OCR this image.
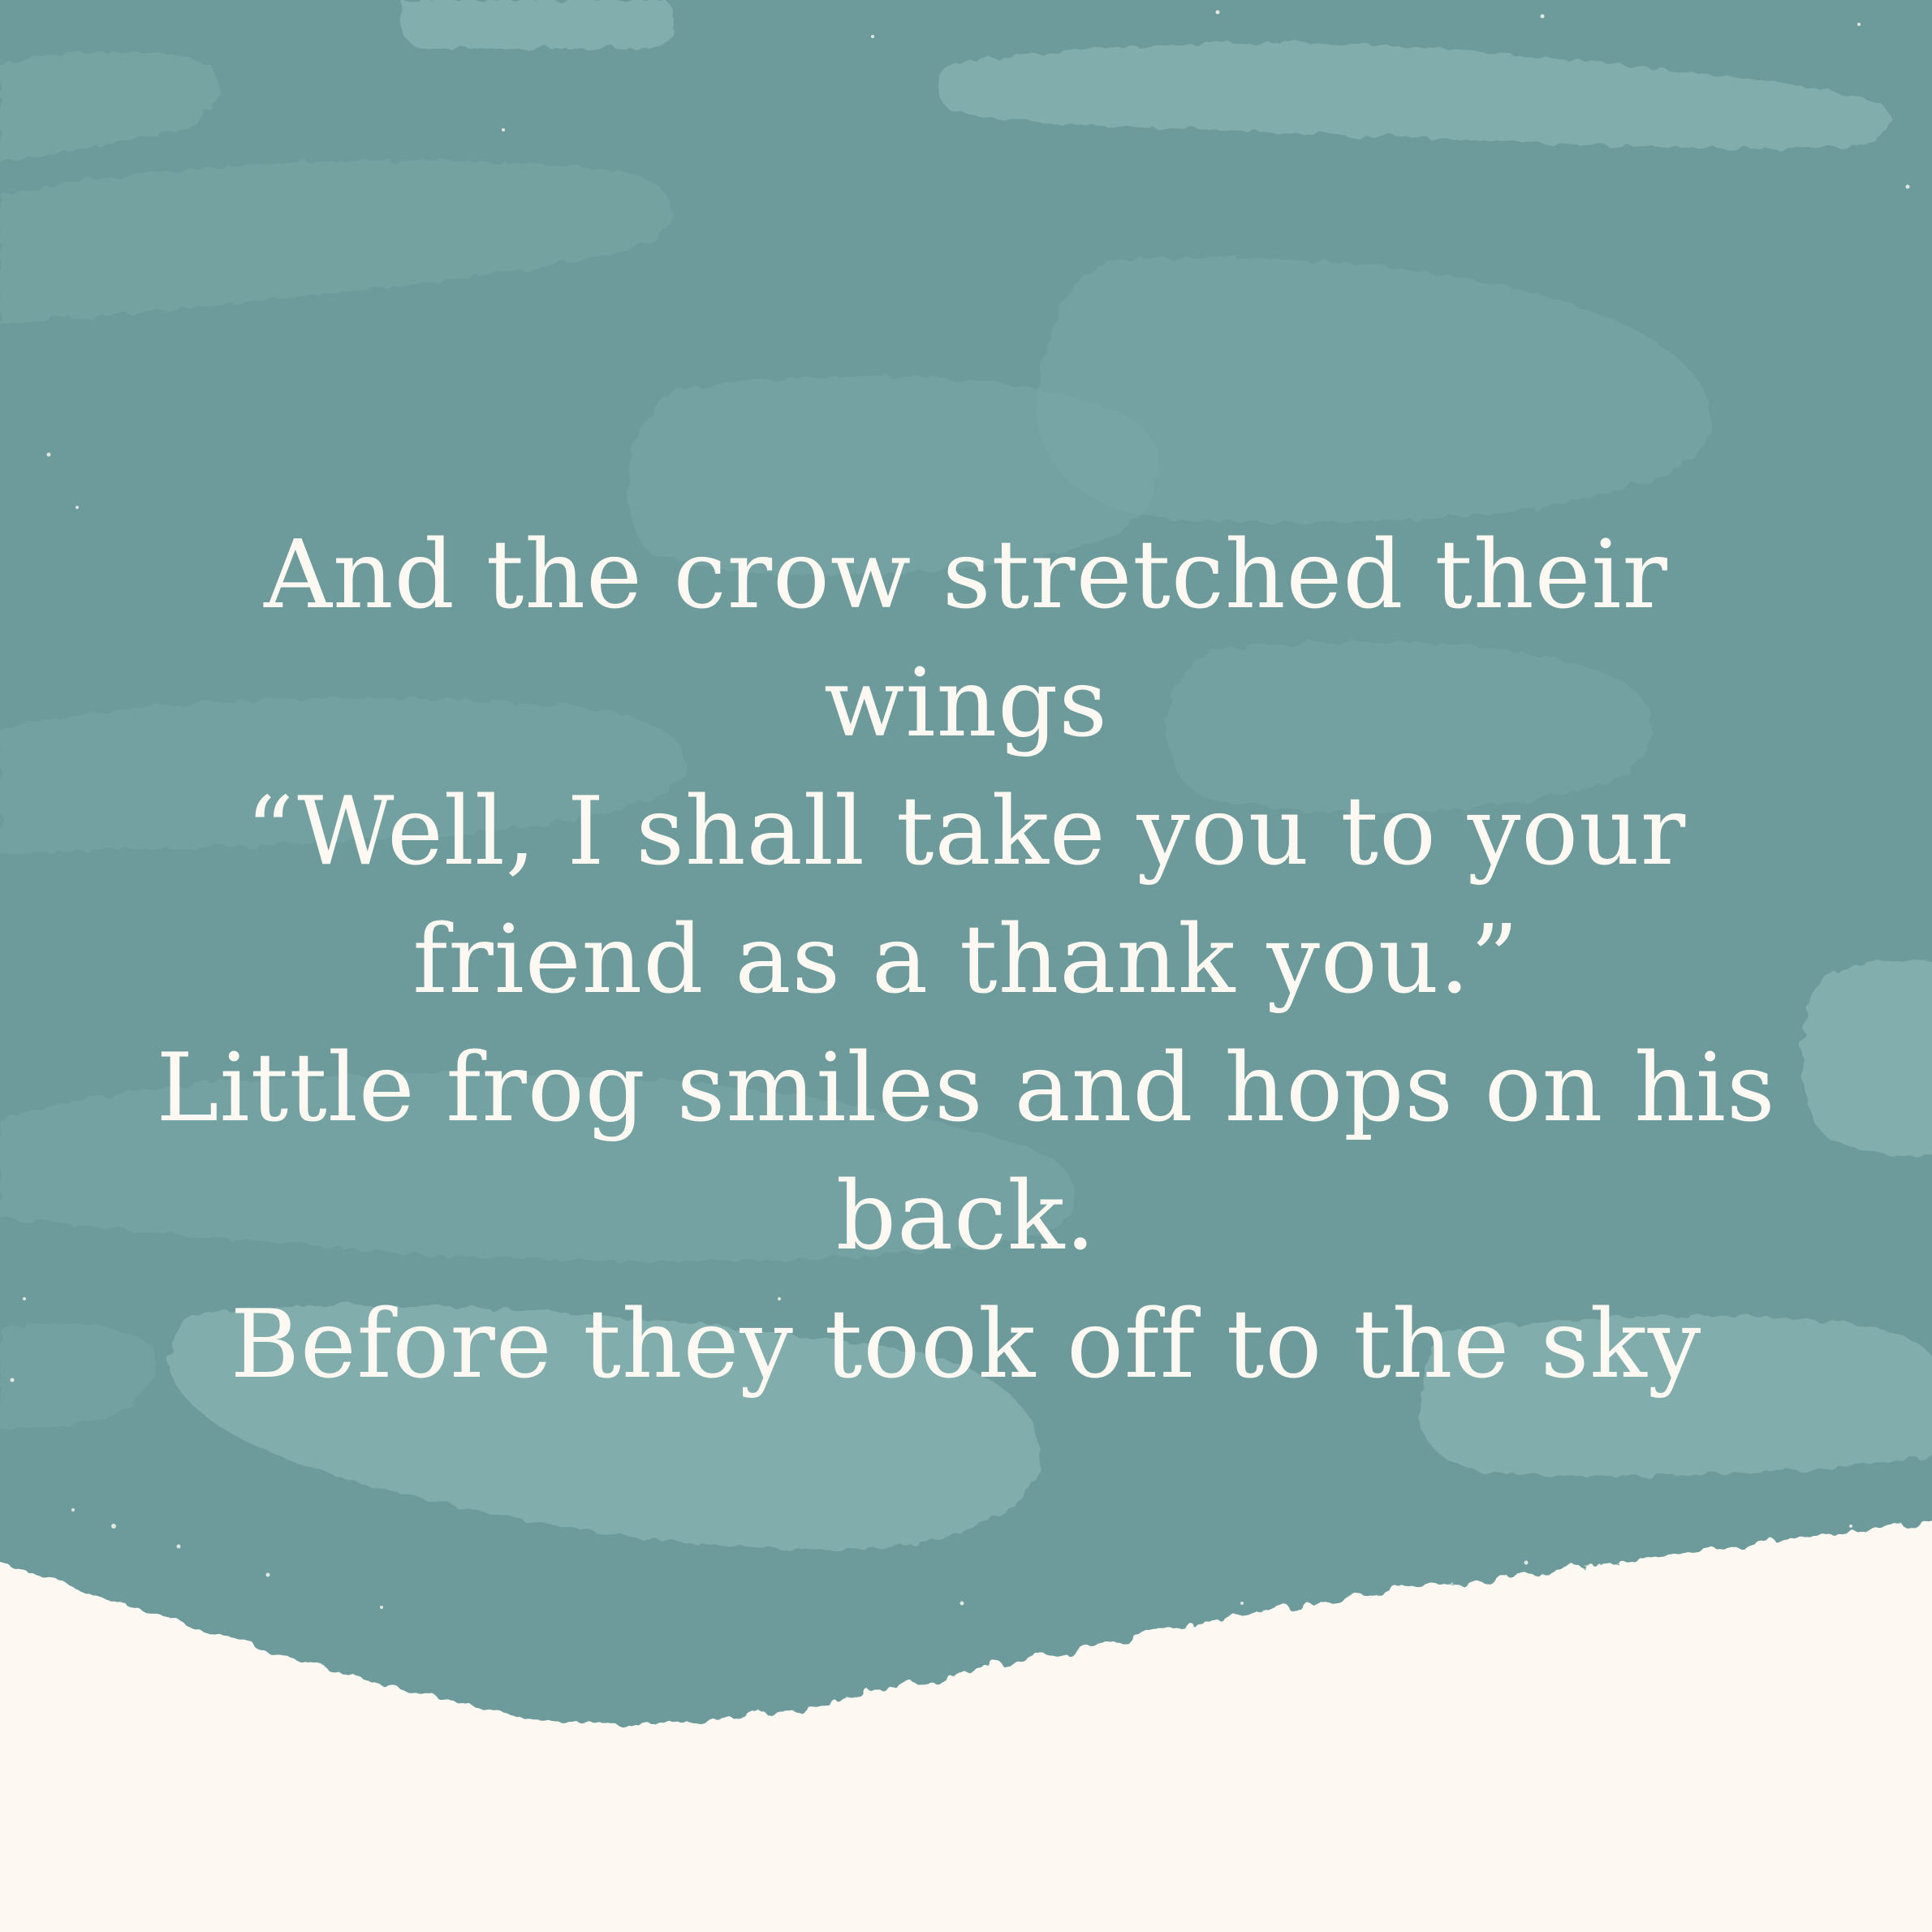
And the crow stretched their
wings
“Well, I shall take you to your
friend as a thank you.”
Little frog smiles and hops on his
back.
Before they took off to the sky
